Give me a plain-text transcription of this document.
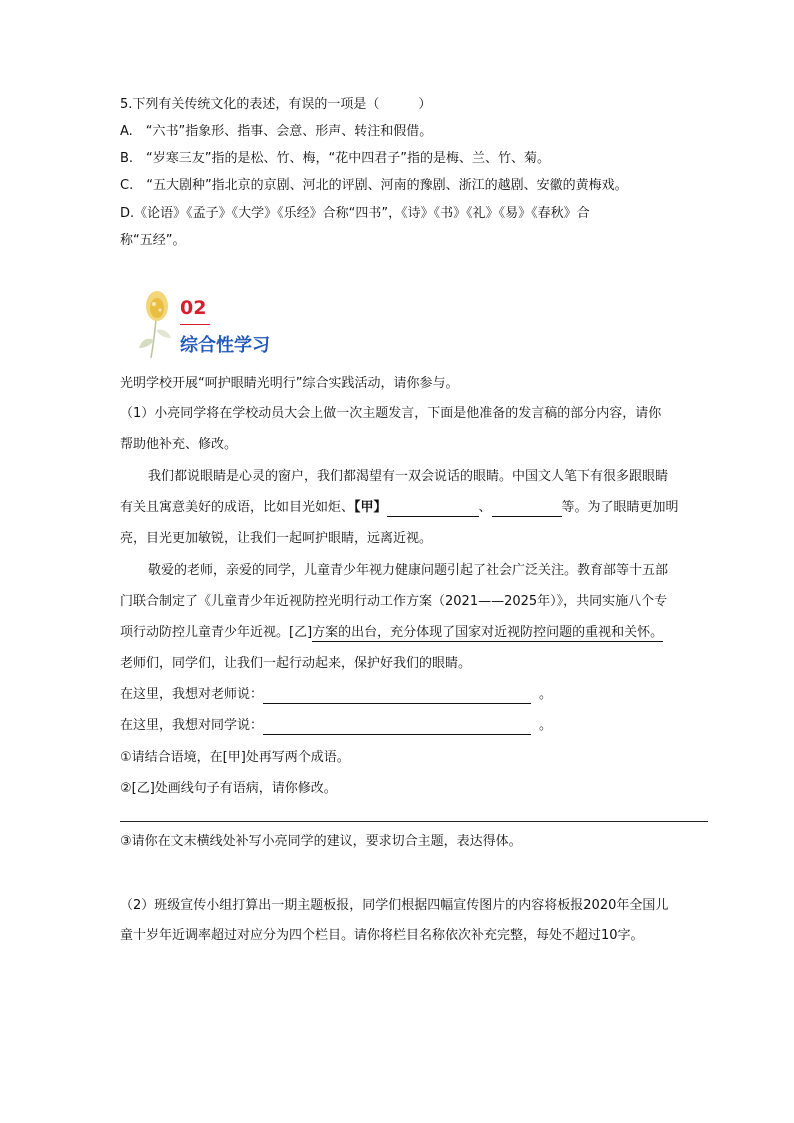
5.下列有关传统文化的表述，有误的一项是（　　　）
A.　“六书”指象形、指事、会意、形声、转注和假借。
B.　“岁寒三友”指的是松、竹、梅，“花中四君子”指的是梅、兰、竹、菊。
C.　“五大剧种”指北京的京剧、河北的评剧、河南的豫剧、浙江的越剧、安徽的黄梅戏。
D.《论语》《孟子》《大学》《乐经》合称“四书”，《诗》《书》《礼》《易》《春秋》合
称“五经”。
02
综合性学习
光明学校开展“呵护眼睛光明行”综合实践活动，请你参与。
（1）小亮同学将在学校动员大会上做一次主题发言，下面是他准备的发言稿的部分内容，请你
帮助他补充、修改。
我们都说眼睛是心灵的窗户，我们都渴望有一双会说话的眼睛。中国文人笔下有很多跟眼睛
有关且寓意美好的成语，比如目光如炬、【甲】	、	等。为了眼睛更加明
亮，目光更加敏锐，让我们一起呵护眼睛，远离近视。
敬爱的老师，亲爱的同学，儿童青少年视力健康问题引起了社会广泛关注。教育部等十五部
门联合制定了《儿童青少年近视防控光明行动工作方案（2021——2025年）》，共同实施八个专
项行动防控儿童青少年近视。[乙]方案的出台，充分体现了国家对近视防控问题的重视和关怀。
老师们，同学们，让我们一起行动起来，保护好我们的眼睛。
在这里，我想对老师说：	。
在这里，我想对同学说：	。
①请结合语境，在[甲]处再写两个成语。
②[乙]处画线句子有语病，请你修改。
③请你在文末横线处补写小亮同学的建议，要求切合主题，表达得体。
（2）班级宣传小组打算出一期主题板报，同学们根据四幅宣传图片的内容将板报2020年全国儿
童十岁年近调率超过对应分为四个栏目。请你将栏目名称依次补充完整，每处不超过10字。
